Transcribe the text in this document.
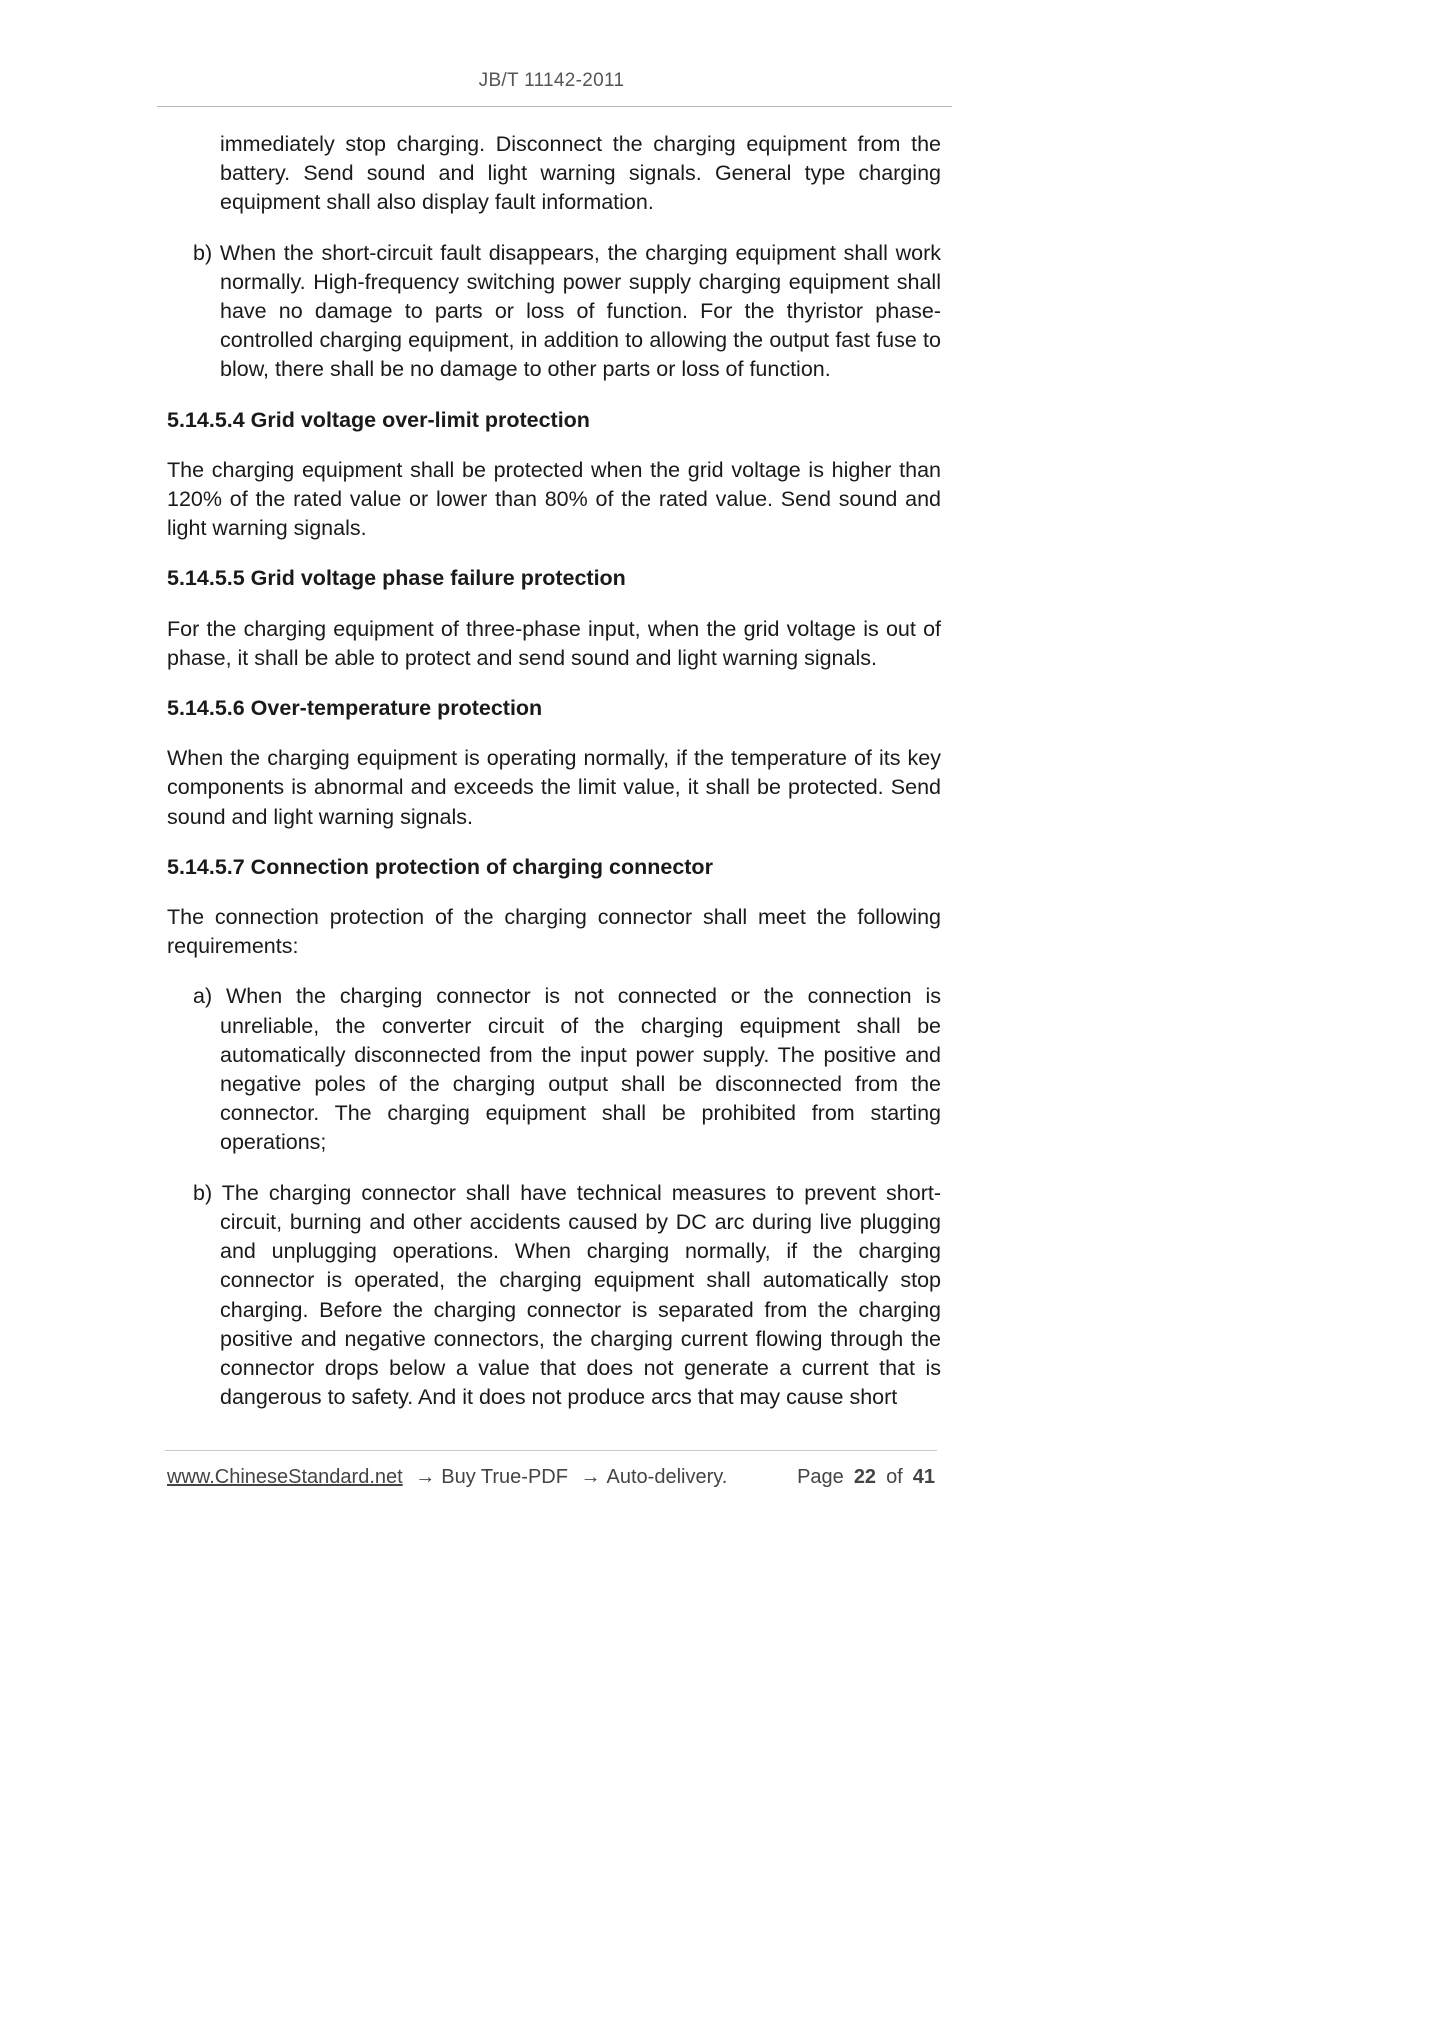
JB/T 11142-2011

immediately stop charging. Disconnect the charging equipment from the battery. Send sound and light warning signals. General type charging equipment shall also display fault information.

b) When the short-circuit fault disappears, the charging equipment shall work normally. High-frequency switching power supply charging equipment shall have no damage to parts or loss of function. For the thyristor phase-controlled charging equipment, in addition to allowing the output fast fuse to blow, there shall be no damage to other parts or loss of function.

5.14.5.4 Grid voltage over-limit protection

The charging equipment shall be protected when the grid voltage is higher than 120% of the rated value or lower than 80% of the rated value. Send sound and light warning signals.

5.14.5.5 Grid voltage phase failure protection

For the charging equipment of three-phase input, when the grid voltage is out of phase, it shall be able to protect and send sound and light warning signals.

5.14.5.6 Over-temperature protection

When the charging equipment is operating normally, if the temperature of its key components is abnormal and exceeds the limit value, it shall be protected. Send sound and light warning signals.

5.14.5.7 Connection protection of charging connector

The connection protection of the charging connector shall meet the following requirements:

a) When the charging connector is not connected or the connection is unreliable, the converter circuit of the charging equipment shall be automatically disconnected from the input power supply. The positive and negative poles of the charging output shall be disconnected from the connector. The charging equipment shall be prohibited from starting operations;

b) The charging connector shall have technical measures to prevent short-circuit, burning and other accidents caused by DC arc during live plugging and unplugging operations. When charging normally, if the charging connector is operated, the charging equipment shall automatically stop charging. Before the charging connector is separated from the charging positive and negative connectors, the charging current flowing through the connector drops below a value that does not generate a current that is dangerous to safety. And it does not produce arcs that may cause short

www.ChineseStandard.net → Buy True-PDF → Auto-delivery.	Page 22 of 41
